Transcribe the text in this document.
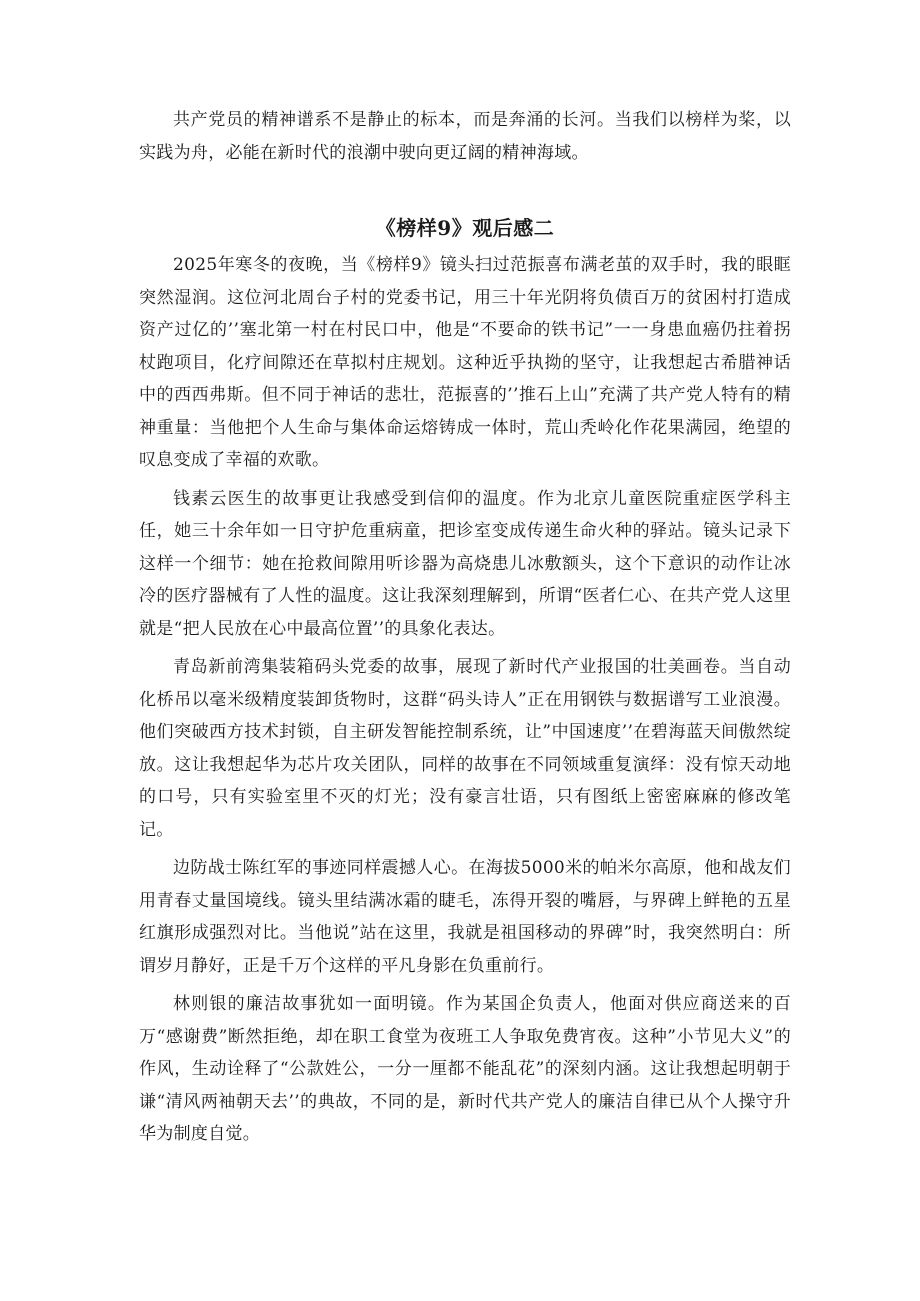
共产党员的精神谱系不是静止的标本，而是奔涌的长河。当我们以榜样为桨，以实践为舟，必能在新时代的浪潮中驶向更辽阔的精神海域。

《榜样9》观后感二

2025年寒冬的夜晚，当《榜样9》镜头扫过范振喜布满老茧的双手时，我的眼眶突然湿润。这位河北周台子村的党委书记，用三十年光阴将负债百万的贫困村打造成资产过亿的’’塞北第一村在村民口中，他是“不要命的铁书记”一一身患血癌仍拄着拐杖跑项目，化疗间隙还在草拟村庄规划。这种近乎执拗的坚守，让我想起古希腊神话中的西西弗斯。但不同于神话的悲壮，范振喜的’’推石上山”充满了共产党人特有的精神重量：当他把个人生命与集体命运熔铸成一体时，荒山秃岭化作花果满园，绝望的叹息变成了幸福的欢歌。

钱素云医生的故事更让我感受到信仰的温度。作为北京儿童医院重症医学科主任，她三十余年如一日守护危重病童，把诊室变成传递生命火种的驿站。镜头记录下这样一个细节：她在抢救间隙用听诊器为高烧患儿冰敷额头，这个下意识的动作让冰冷的医疗器械有了人性的温度。这让我深刻理解到，所谓“医者仁心、在共产党人这里就是“把人民放在心中最高位置’’的具象化表达。

青岛新前湾集装箱码头党委的故事，展现了新时代产业报国的壮美画卷。当自动化桥吊以毫米级精度装卸货物时，这群“码头诗人”正在用钢铁与数据谱写工业浪漫。他们突破西方技术封锁，自主研发智能控制系统，让”中国速度’’在碧海蓝天间傲然绽放。这让我想起华为芯片攻关团队，同样的故事在不同领域重复演绎：没有惊天动地的口号，只有实验室里不灭的灯光；没有豪言壮语，只有图纸上密密麻麻的修改笔记。

边防战士陈红军的事迹同样震撼人心。在海拔5000米的帕米尔高原，他和战友们用青春丈量国境线。镜头里结满冰霜的睫毛，冻得开裂的嘴唇，与界碑上鲜艳的五星红旗形成强烈对比。当他说”站在这里，我就是祖国移动的界碑”时，我突然明白：所谓岁月静好，正是千万个这样的平凡身影在负重前行。

林则银的廉洁故事犹如一面明镜。作为某国企负责人，他面对供应商送来的百万“感谢费”断然拒绝，却在职工食堂为夜班工人争取免费宵夜。这种”小节见大义”的作风，生动诠释了“公款姓公，一分一厘都不能乱花”的深刻内涵。这让我想起明朝于谦“清风两袖朝天去’’的典故，不同的是，新时代共产党人的廉洁自律已从个人操守升华为制度自觉。
